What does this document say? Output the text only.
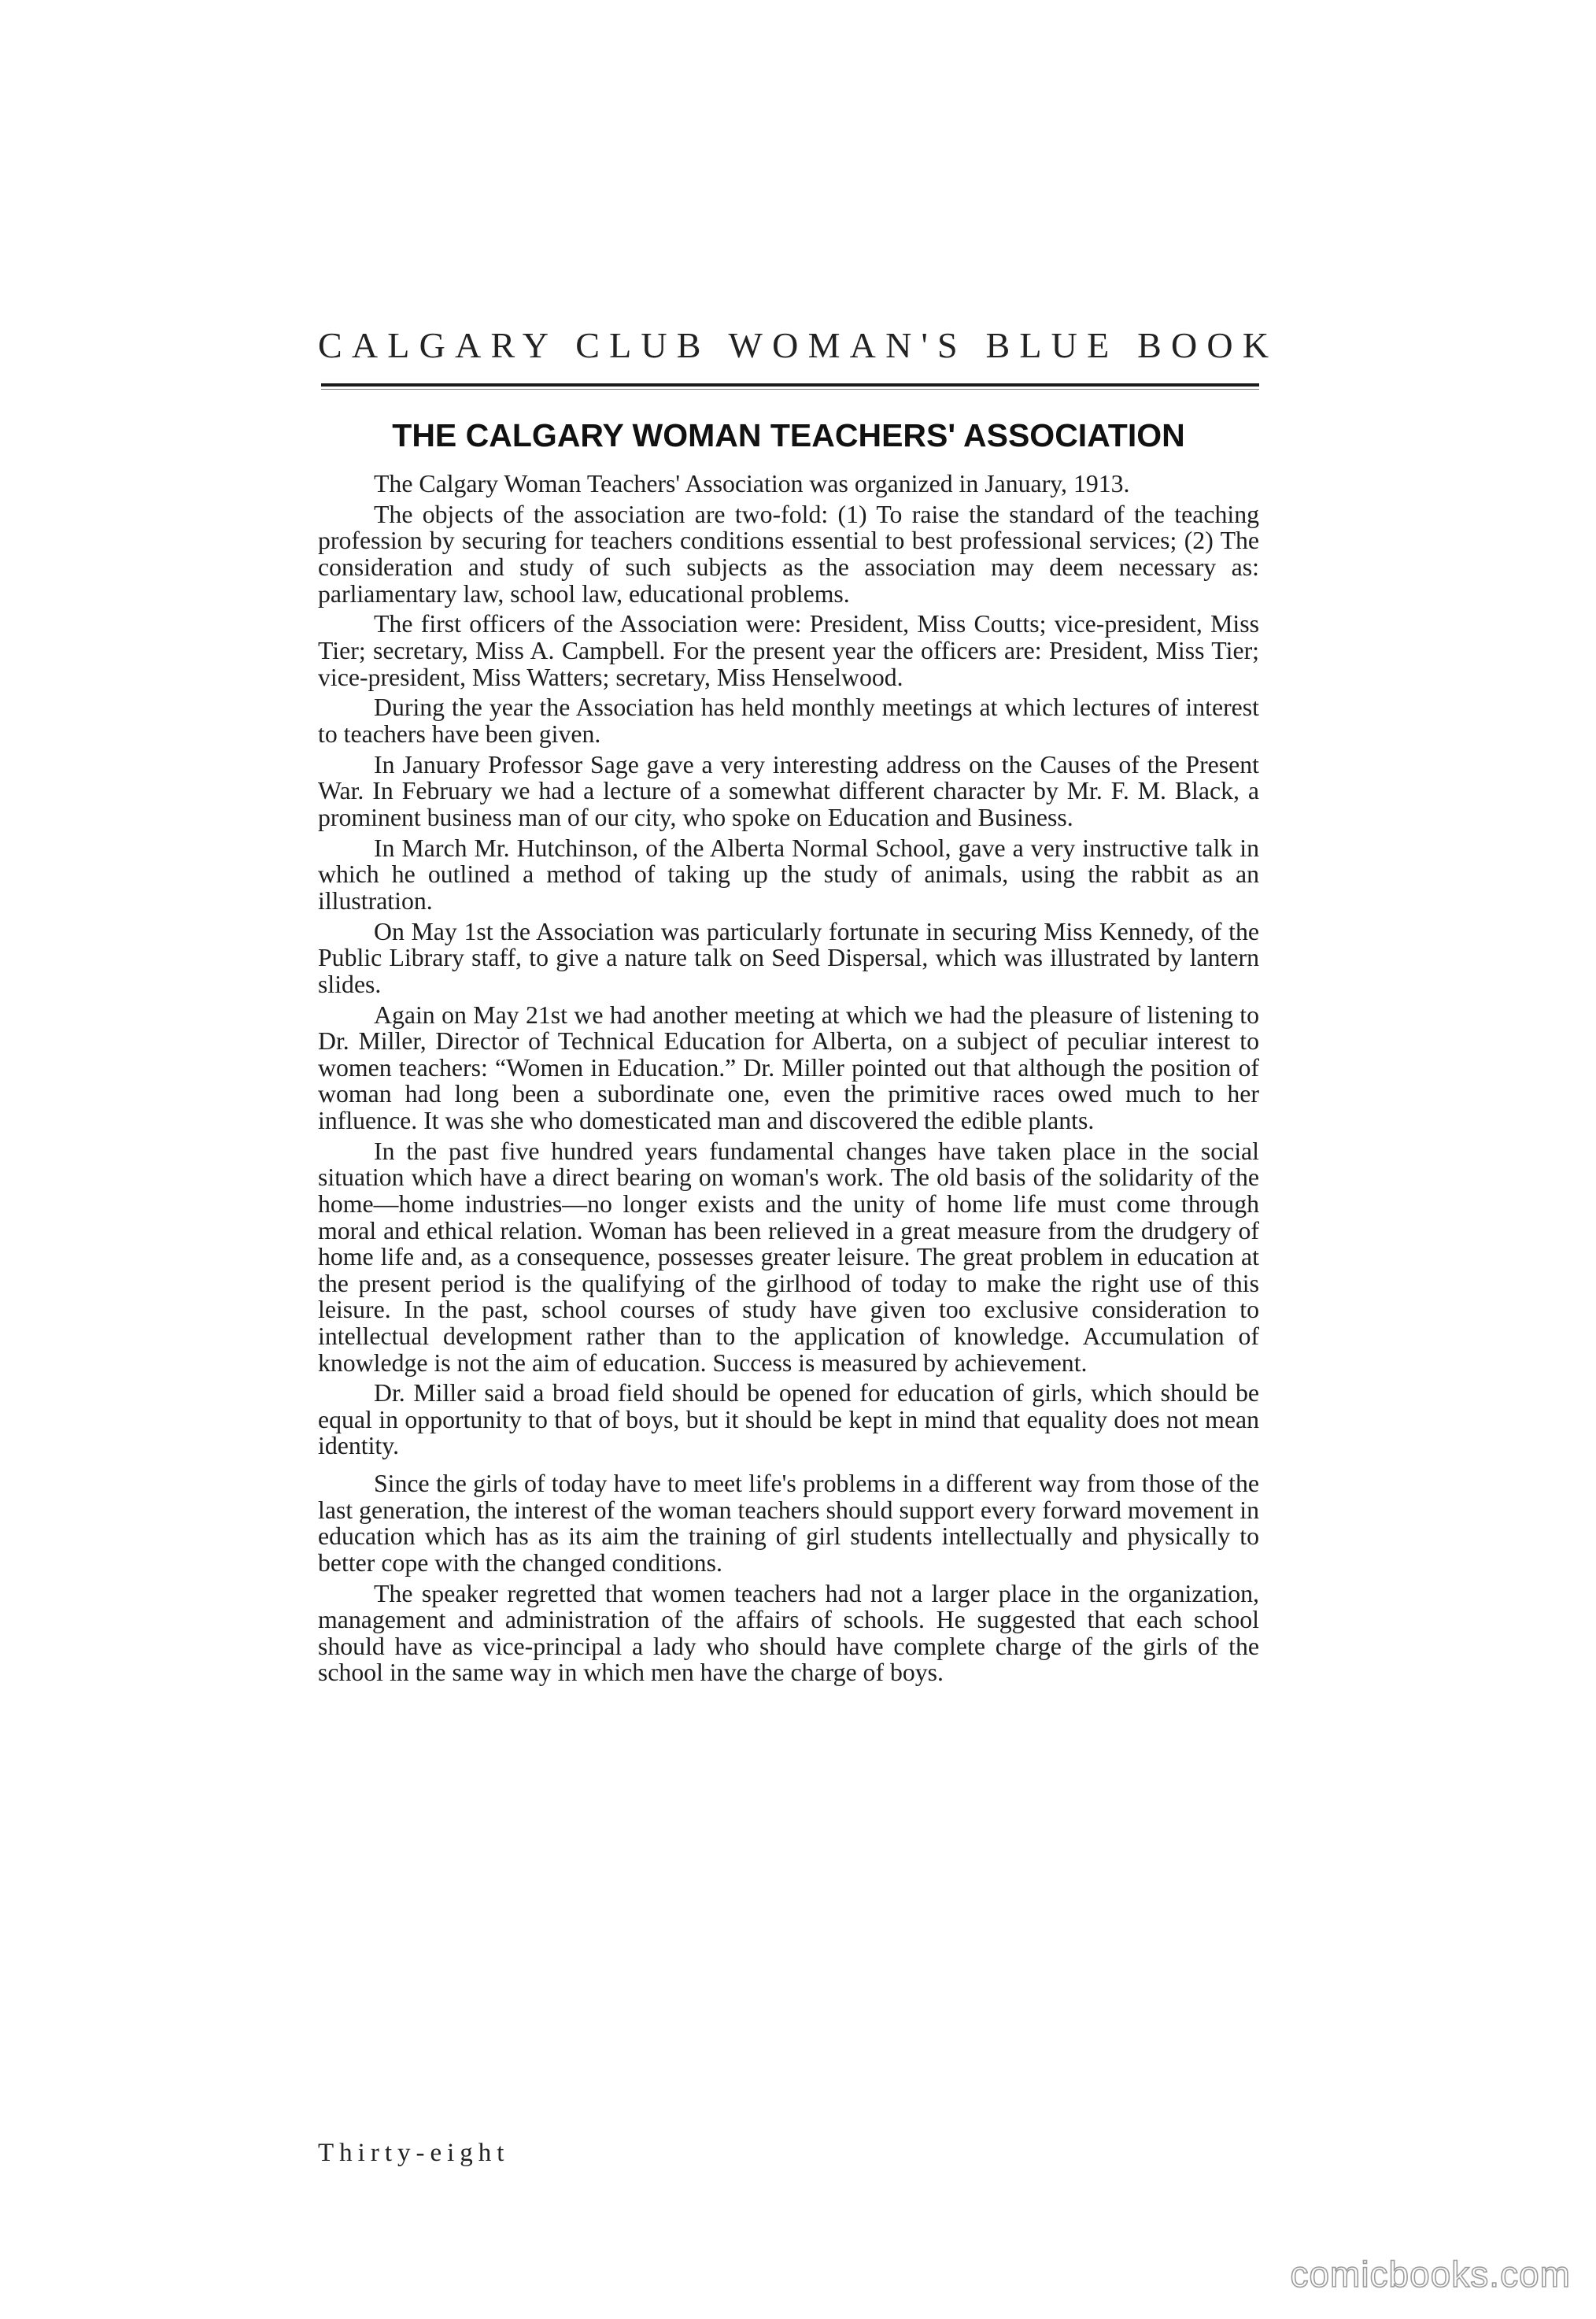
CALGARY CLUB WOMAN'S BLUE BOOK
THE CALGARY WOMAN TEACHERS' ASSOCIATION

The Calgary Woman Teachers' Association was organized in January, 1913.

The objects of the association are two-fold: (1) To raise the standard of the teaching profession by securing for teachers conditions essential to best professional services; (2) The consideration and study of such subjects as the association may deem necessary as: parliamentary law, school law, educational problems.

The first officers of the Association were: President, Miss Coutts; vice-president, Miss Tier; secretary, Miss A. Campbell. For the present year the officers are: President, Miss Tier; vice-president, Miss Watters; secretary, Miss Henselwood.

During the year the Association has held monthly meetings at which lectures of interest to teachers have been given.

In January Professor Sage gave a very interesting address on the Causes of the Present War. In February we had a lecture of a somewhat different character by Mr. F. M. Black, a prominent business man of our city, who spoke on Education and Business.

In March Mr. Hutchinson, of the Alberta Normal School, gave a very instructive talk in which he outlined a method of taking up the study of animals, using the rabbit as an illustration.

On May 1st the Association was particularly fortunate in securing Miss Kennedy, of the Public Library staff, to give a nature talk on Seed Dispersal, which was illustrated by lantern slides.

Again on May 21st we had another meeting at which we had the pleasure of listening to Dr. Miller, Director of Technical Education for Alberta, on a subject of peculiar interest to women teachers: “Women in Education.” Dr. Miller pointed out that although the position of woman had long been a subordinate one, even the primitive races owed much to her influence. It was she who domesticated man and discovered the edible plants.

In the past five hundred years fundamental changes have taken place in the social situation which have a direct bearing on woman's work. The old basis of the solidarity of the home—home industries—no longer exists and the unity of home life must come through moral and ethical relation. Woman has been relieved in a great measure from the drudgery of home life and, as a consequence, possesses greater leisure. The great problem in education at the present period is the qualifying of the girlhood of today to make the right use of this leisure. In the past, school courses of study have given too exclusive consideration to intellectual development rather than to the application of knowledge. Accumulation of knowledge is not the aim of education. Success is measured by achievement.

Dr. Miller said a broad field should be opened for education of girls, which should be equal in opportunity to that of boys, but it should be kept in mind that equality does not mean identity.

Since the girls of today have to meet life's problems in a different way from those of the last generation, the interest of the woman teachers should support every forward movement in education which has as its aim the training of girl students intellectually and physically to better cope with the changed conditions.

The speaker regretted that women teachers had not a larger place in the organization, management and administration of the affairs of schools. He suggested that each school should have as vice-principal a lady who should have complete charge of the girls of the school in the same way in which men have the charge of boys.

Thirty-eight
comicbooks.com
